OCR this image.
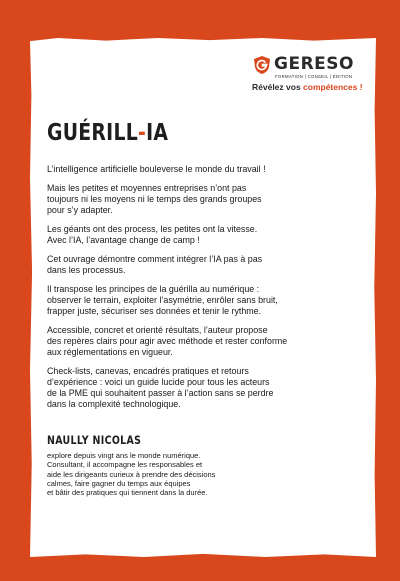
GERESO
FORMATION | CONSEIL | ÉDITION
Révélez vos compétences !
GUÉRILL-IA

L’intelligence artificielle bouleverse le monde du travail !

Mais les petites et moyennes entreprises n’ont pas
toujours ni les moyens ni le temps des grands groupes
pour s’y adapter.

Les géants ont des process, les petites ont la vitesse.
Avec l’IA, l’avantage change de camp !

Cet ouvrage démontre comment intégrer l’IA pas à pas
dans les processus.

Il transpose les principes de la guérilla au numérique :
observer le terrain, exploiter l’asymétrie, enrôler sans bruit,
frapper juste, sécuriser ses données et tenir le rythme.

Accessible, concret et orienté résultats, l’auteur propose
des repères clairs pour agir avec méthode et rester conforme
aux réglementations en vigueur.

Check-lists, canevas, encadrés pratiques et retours
d’expérience : voici un guide lucide pour tous les acteurs
de la PME qui souhaitent passer à l’action sans se perdre
dans la complexité technologique.

NAULLY NICOLAS

explore depuis vingt ans le monde numérique.
Consultant, il accompagne les responsables et
aide les dirigeants curieux à prendre des décisions
calmes, faire gagner du temps aux équipes
et bâtir des pratiques qui tiennent dans la durée.
